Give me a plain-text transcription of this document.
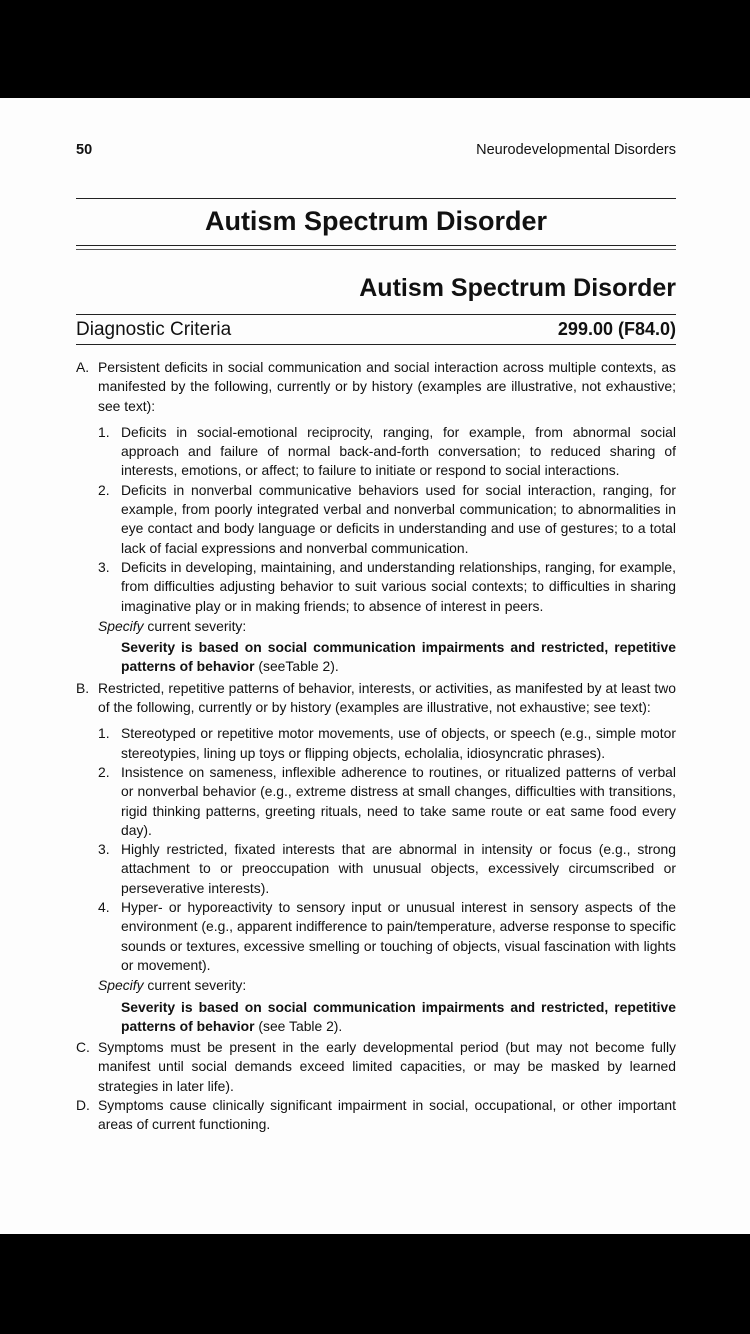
50	Neurodevelopmental Disorders
Autism Spectrum Disorder
Autism Spectrum Disorder
Diagnostic Criteria	299.00 (F84.0)
A. Persistent deficits in social communication and social interaction across multiple contexts, as manifested by the following, currently or by history (examples are illustrative, not exhaustive; see text):
1. Deficits in social-emotional reciprocity, ranging, for example, from abnormal social approach and failure of normal back-and-forth conversation; to reduced sharing of interests, emotions, or affect; to failure to initiate or respond to social interactions.
2. Deficits in nonverbal communicative behaviors used for social interaction, ranging, for example, from poorly integrated verbal and nonverbal communication; to abnormalities in eye contact and body language or deficits in understanding and use of gestures; to a total lack of facial expressions and nonverbal communication.
3. Deficits in developing, maintaining, and understanding relationships, ranging, for example, from difficulties adjusting behavior to suit various social contexts; to difficulties in sharing imaginative play or in making friends; to absence of interest in peers.
Specify current severity:
Severity is based on social communication impairments and restricted, repetitive patterns of behavior (seeTable 2).
B. Restricted, repetitive patterns of behavior, interests, or activities, as manifested by at least two of the following, currently or by history (examples are illustrative, not exhaustive; see text):
1. Stereotyped or repetitive motor movements, use of objects, or speech (e.g., simple motor stereotypies, lining up toys or flipping objects, echolalia, idiosyncratic phrases).
2. Insistence on sameness, inflexible adherence to routines, or ritualized patterns of verbal or nonverbal behavior (e.g., extreme distress at small changes, difficulties with transitions, rigid thinking patterns, greeting rituals, need to take same route or eat same food every day).
3. Highly restricted, fixated interests that are abnormal in intensity or focus (e.g., strong attachment to or preoccupation with unusual objects, excessively circumscribed or perseverative interests).
4. Hyper- or hyporeactivity to sensory input or unusual interest in sensory aspects of the environment (e.g., apparent indifference to pain/temperature, adverse response to specific sounds or textures, excessive smelling or touching of objects, visual fascination with lights or movement).
Specify current severity:
Severity is based on social communication impairments and restricted, repetitive patterns of behavior (see Table 2).
C. Symptoms must be present in the early developmental period (but may not become fully manifest until social demands exceed limited capacities, or may be masked by learned strategies in later life).
D. Symptoms cause clinically significant impairment in social, occupational, or other important areas of current functioning.
